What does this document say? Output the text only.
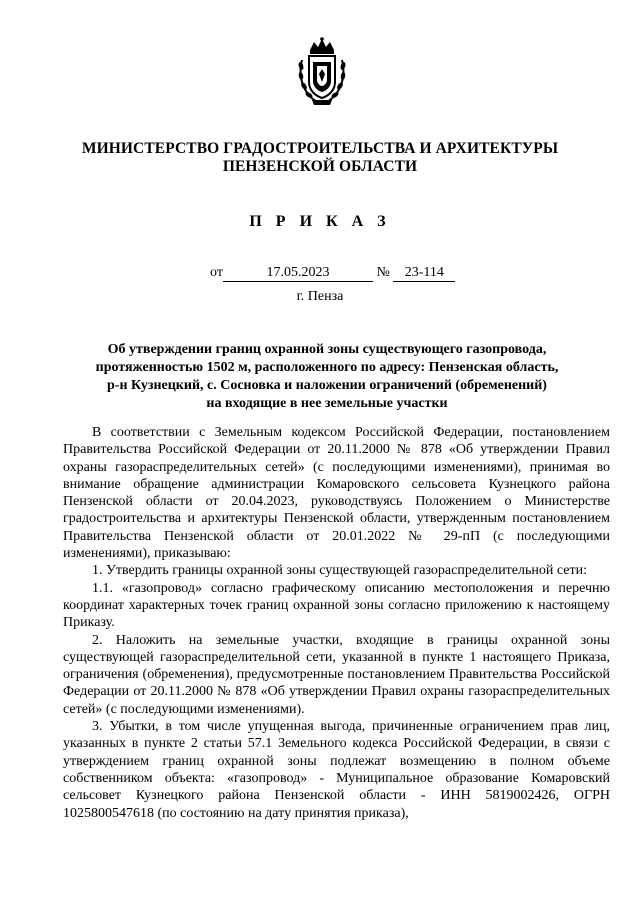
МИНИСТЕРСТВО ГРАДОСТРОИТЕЛЬСТВА И АРХИТЕКТУРЫ
ПЕНЗЕНСКОЙ ОБЛАСТИ
П Р И К А З
от	17.05.2023	№ 23-114
г. Пенза
Об утверждении границ охранной зоны существующего газопровода,
протяженностью 1502 м, расположенного по адресу: Пензенская область,
р-н Кузнецкий, с. Сосновка и наложении ограничений (обременений)
на входящие в нее земельные участки

В соответствии с Земельным кодексом Российской Федерации, постановлением Правительства Российской Федерации от 20.11.2000 № 878 «Об утверждении Правил охраны газораспределительных сетей» (с последующими изменениями), принимая во внимание обращение администрации Комаровского сельсовета Кузнецкого района Пензенской области от 20.04.2023, руководствуясь Положением о Министерстве градостроительства и архитектуры Пензенской области, утвержденным постановлением Правительства Пензенской области от 20.01.2022 № 29-пП (с последующими изменениями), приказываю:

1. Утвердить границы охранной зоны существующей газораспределительной сети:

1.1. «газопровод» согласно графическому описанию местоположения и перечню координат характерных точек границ охранной зоны согласно приложению к настоящему Приказу.

2. Наложить на земельные участки, входящие в границы охранной зоны существующей газораспределительной сети, указанной в пункте 1 настоящего Приказа, ограничения (обременения), предусмотренные постановлением Правительства Российской Федерации от 20.11.2000 № 878 «Об утверждении Правил охраны газораспределительных сетей» (с последующими изменениями).

3. Убытки, в том числе упущенная выгода, причиненные ограничением прав лиц, указанных в пункте 2 статьи 57.1 Земельного кодекса Российской Федерации, в связи с утверждением границ охранной зоны подлежат возмещению в полном объеме собственником объекта: «газопровод» - Муниципальное образование Комаровский сельсовет Кузнецкого района Пензенской области - ИНН 5819002426, ОГРН 1025800547618 (по состоянию на дату принятия приказа),
